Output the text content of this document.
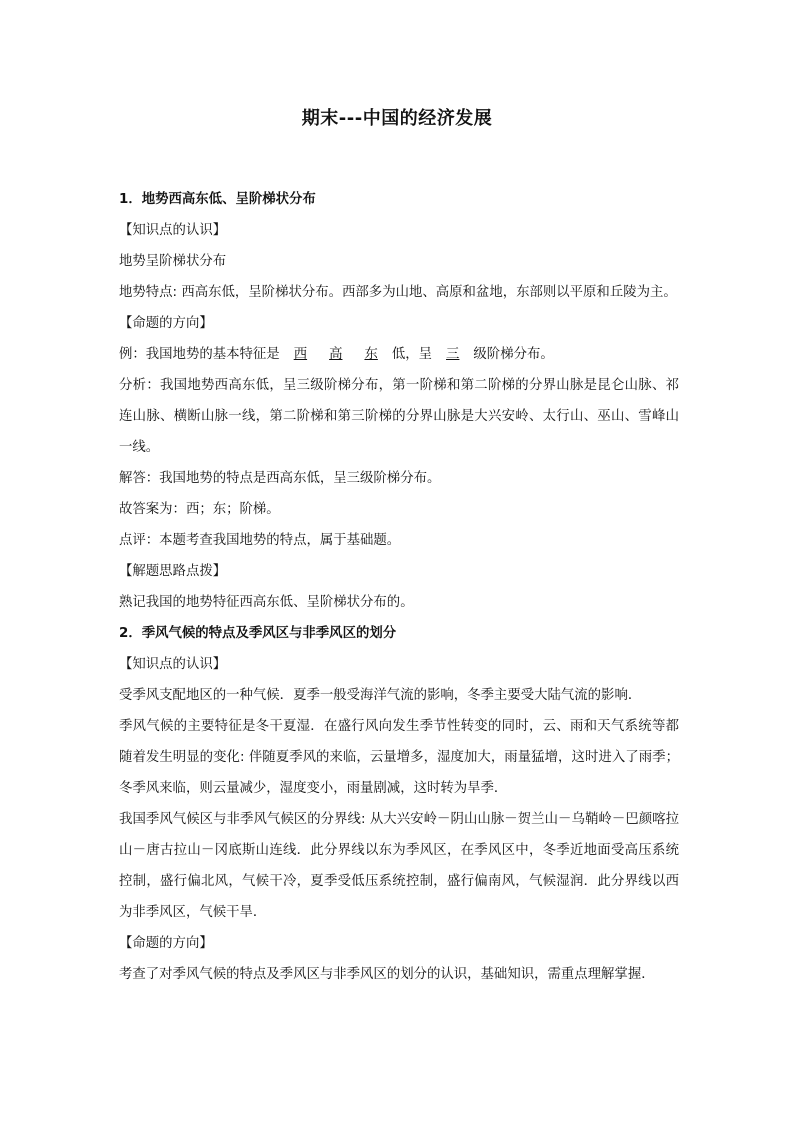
期末---中国的经济发展

1．地势西高东低、呈阶梯状分布

【知识点的认识】

地势呈阶梯状分布

地势特点: 西高东低，呈阶梯状分布。西部多为山地、高原和盆地，东部则以平原和丘陵为主。

【命题的方向】

例：我国地势的基本特征是 西 高 东 低，呈 三 级阶梯分布。

分析：我国地势西高东低，呈三级阶梯分布，第一阶梯和第二阶梯的分界山脉是昆仑山脉、祁连山脉、横断山脉一线，第二阶梯和第三阶梯的分界山脉是大兴安岭、太行山、巫山、雪峰山一线。

解答：我国地势的特点是西高东低，呈三级阶梯分布。

故答案为：西；东；阶梯。

点评：本题考查我国地势的特点，属于基础题。

【解题思路点拨】

熟记我国的地势特征西高东低、呈阶梯状分布的。

2．季风气候的特点及季风区与非季风区的划分

【知识点的认识】

受季风支配地区的一种气候．夏季一般受海洋气流的影响，冬季主要受大陆气流的影响．

季风气候的主要特征是冬干夏湿．在盛行风向发生季节性转变的同时，云、雨和天气系统等都随着发生明显的变化: 伴随夏季风的来临，云量增多，湿度加大，雨量猛增，这时进入了雨季；冬季风来临，则云量减少，湿度变小，雨量剧减，这时转为旱季．

我国季风气候区与非季风气候区的分界线: 从大兴安岭－阴山山脉－贺兰山－乌鞘岭－巴颜喀拉山－唐古拉山－冈底斯山连线．此分界线以东为季风区，在季风区中，冬季近地面受高压系统控制，盛行偏北风，气候干冷，夏季受低压系统控制，盛行偏南风，气候湿润．此分界线以西为非季风区，气候干旱．

【命题的方向】

考查了对季风气候的特点及季风区与非季风区的划分的认识，基础知识，需重点理解掌握．
